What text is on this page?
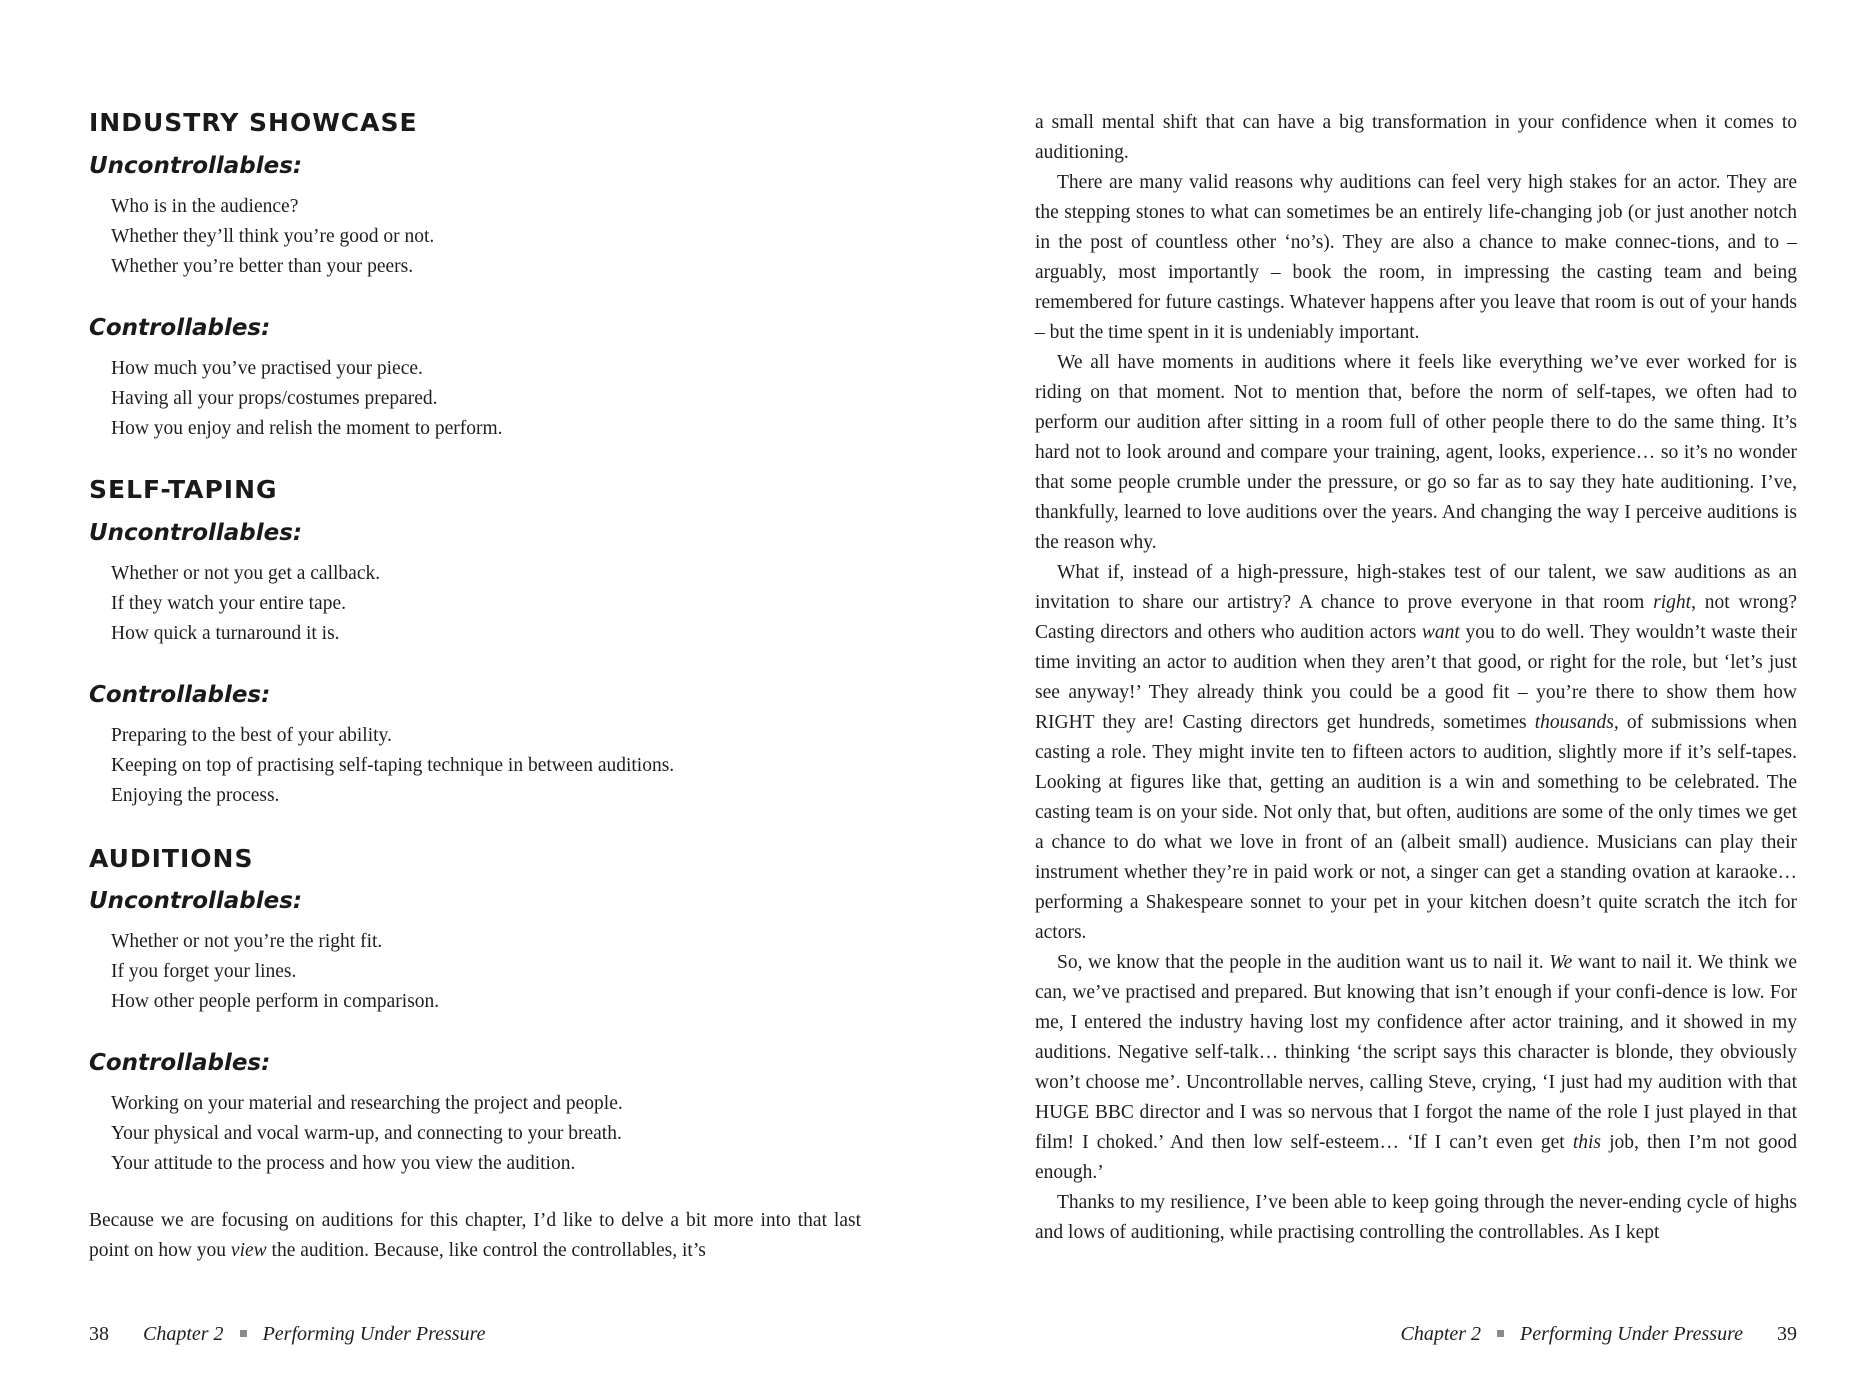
INDUSTRY SHOWCASE
Uncontrollables:
Who is in the audience?
Whether they’ll think you’re good or not.
Whether you’re better than your peers.
Controllables:
How much you’ve practised your piece.
Having all your props/costumes prepared.
How you enjoy and relish the moment to perform.
SELF-TAPING
Uncontrollables:
Whether or not you get a callback.
If they watch your entire tape.
How quick a turnaround it is.
Controllables:
Preparing to the best of your ability.
Keeping on top of practising self-taping technique in between auditions.
Enjoying the process.
AUDITIONS
Uncontrollables:
Whether or not you’re the right fit.
If you forget your lines.
How other people perform in comparison.
Controllables:
Working on your material and researching the project and people.
Your physical and vocal warm-up, and connecting to your breath.
Your attitude to the process and how you view the audition.

Because we are focusing on auditions for this chapter, I’d like to delve a bit more into that last point on how you view the audition. Because, like control the controllables, it’s

38 Chapter 2 Performing Under Pressure

a small mental shift that can have a big transformation in your confidence when it comes to auditioning.

There are many valid reasons why auditions can feel very high stakes for an actor. They are the stepping stones to what can sometimes be an entirely life-changing job (or just another notch in the post of countless other ‘no’s). They are also a chance to make connec-tions, and to – arguably, most importantly – book the room, in impressing the casting team and being remembered for future castings. Whatever happens after you leave that room is out of your hands – but the time spent in it is undeniably important.

We all have moments in auditions where it feels like everything we’ve ever worked for is riding on that moment. Not to mention that, before the norm of self-tapes, we often had to perform our audition after sitting in a room full of other people there to do the same thing. It’s hard not to look around and compare your training, agent, looks, experience… so it’s no wonder that some people crumble under the pressure, or go so far as to say they hate auditioning. I’ve, thankfully, learned to love auditions over the years. And changing the way I perceive auditions is the reason why.

What if, instead of a high-pressure, high-stakes test of our talent, we saw auditions as an invitation to share our artistry? A chance to prove everyone in that room right, not wrong? Casting directors and others who audition actors want you to do well. They wouldn’t waste their time inviting an actor to audition when they aren’t that good, or right for the role, but ‘let’s just see anyway!’ They already think you could be a good fit – you’re there to show them how RIGHT they are! Casting directors get hundreds, sometimes thousands, of submissions when casting a role. They might invite ten to fifteen actors to audition, slightly more if it’s self-tapes. Looking at figures like that, getting an audition is a win and something to be celebrated. The casting team is on your side. Not only that, but often, auditions are some of the only times we get a chance to do what we love in front of an (albeit small) audience. Musicians can play their instrument whether they’re in paid work or not, a singer can get a standing ovation at karaoke… performing a Shakespeare sonnet to your pet in your kitchen doesn’t quite scratch the itch for actors.

So, we know that the people in the audition want us to nail it. We want to nail it. We think we can, we’ve practised and prepared. But knowing that isn’t enough if your confi-dence is low. For me, I entered the industry having lost my confidence after actor training, and it showed in my auditions. Negative self-talk… thinking ‘the script says this character is blonde, they obviously won’t choose me’. Uncontrollable nerves, calling Steve, crying, ‘I just had my audition with that HUGE BBC director and I was so nervous that I forgot the name of the role I just played in that film! I choked.’ And then low self-esteem… ‘If I can’t even get this job, then I’m not good enough.’

Thanks to my resilience, I’ve been able to keep going through the never-ending cycle of highs and lows of auditioning, while practising controlling the controllables. As I kept

Chapter 2 Performing Under Pressure 39
